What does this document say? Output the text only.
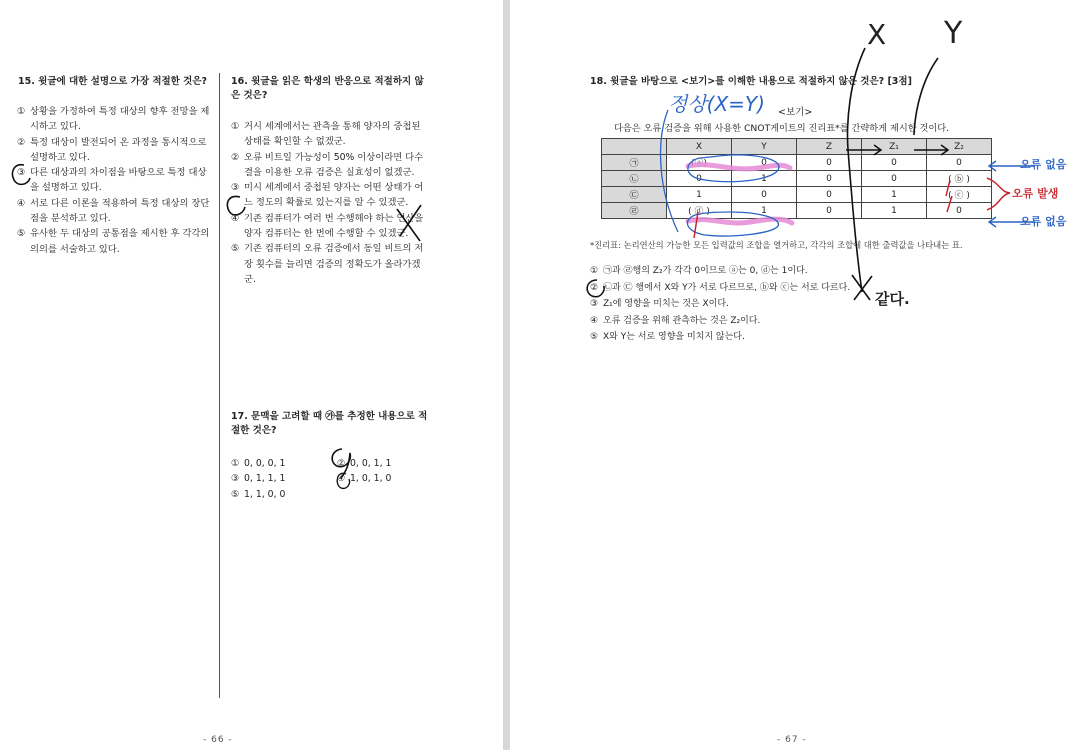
15. 윗글에 대한 설명으로 가장 적절한 것은?
① 상황을 가정하여 특정 대상의 향후 전망을 제시하고 있다.
② 특정 대상이 발전되어 온 과정을 통시적으로 설명하고 있다.
③ 다른 대상과의 차이점을 바탕으로 특정 대상을 설명하고 있다.
④ 서로 다른 이론을 적용하여 특정 대상의 장단점을 분석하고 있다.
⑤ 유사한 두 대상의 공통점을 제시한 후 각각의 의의를 서술하고 있다.
16. 윗글을 읽은 학생의 반응으로 적절하지 않은 것은?
① 거시 세계에서는 관측을 통해 양자의 중첩된 상태를 확인할 수 없겠군.
② 오류 비트일 가능성이 50% 이상이라면 다수결을 이용한 오류 검증은 실효성이 없겠군.
③ 미시 세계에서 중첩된 양자는 어떤 상태가 어느 정도의 확률로 있는지를 알 수 있겠군.
④ 기존 컴퓨터가 여러 번 수행해야 하는 연산을 양자 컴퓨터는 한 번에 수행할 수 있겠군.
⑤ 기존 컴퓨터의 오류 검증에서 동일 비트의 저장 횟수를 늘리면 검증의 정확도가 올라가겠군.
17. 문맥을 고려할 때 ㉮를 추정한 내용으로 적절한 것은?
① 0, 0, 0, 1	② 0, 0, 1, 1
③ 0, 1, 1, 1	④ 1, 0, 1, 0
⑤ 1, 1, 0, 0
- 66 -
18. 윗글을 바탕으로 <보기>를 이해한 내용으로 적절하지 않은 것은? [3점]
<보기>
다음은 오류 검증을 위해 사용한 CNOT게이트의 진리표*를 간략하게 제시한 것이다.
	X	Y	Z	Z₁	Z₂
㉠	(ⓐ)	0	0	0	0
㉡	0	1	0	0	( ⓑ )
㉢	1	0	0	1	( ⓒ )
㉣	( ⓓ )	1	0	1	0
*진리표: 논리연산의 가능한 모든 입력값의 조합을 열거하고, 각각의 조합에 대한 출력값을 나타내는 표.
① ㉠과 ㉣행의 Z₂가 각각 0이므로 ⓐ는 0, ⓓ는 1이다.
② ㉡과 ㉢ 행에서 X와 Y가 서로 다르므로, ⓑ와 ⓒ는 서로 다르다.
③ Z₁에 영향을 미치는 것은 X이다.
④ 오류 검증을 위해 관측하는 것은 Z₂이다.
⑤ X와 Y는 서로 영향을 미치지 않는다.
- 67 -
X Y
정상(X=Y)
오류 없음
오류 발생
오류 없음
같다.
